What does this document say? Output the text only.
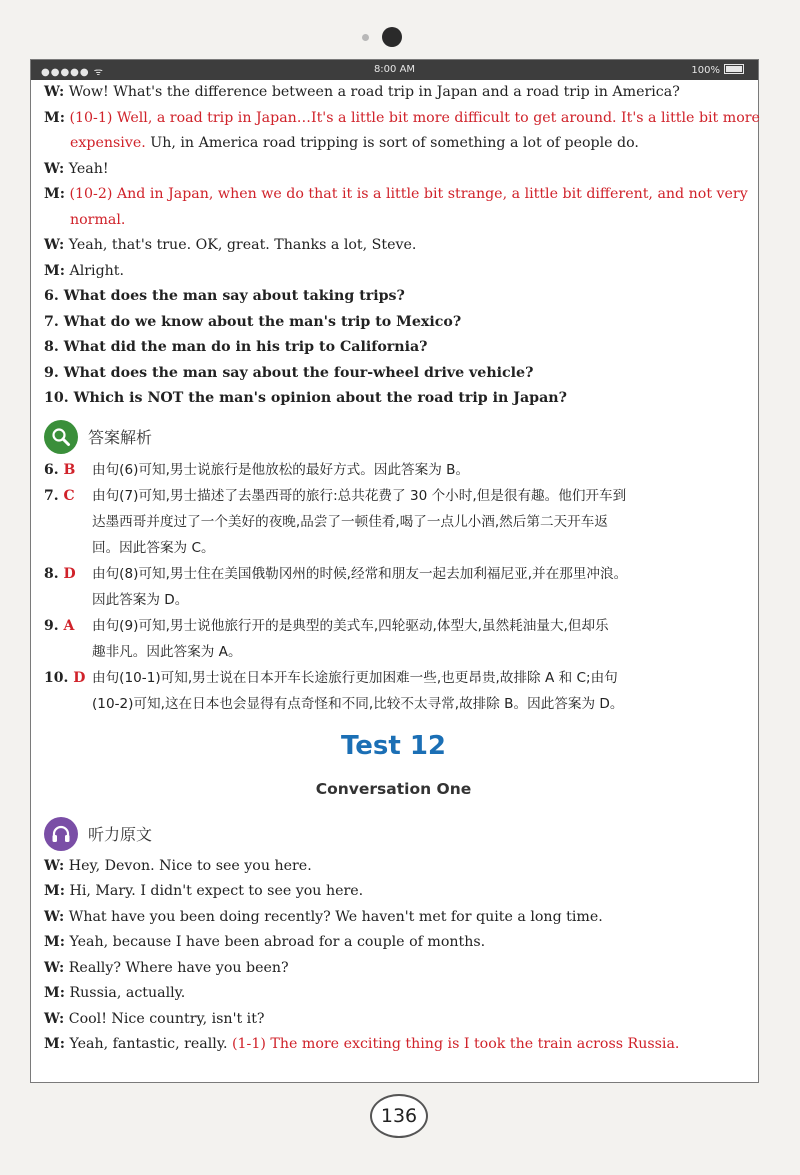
●●●●● ᯤ	8:00 AM	100%
W: Wow! What's the difference between a road trip in Japan and a road trip in America?
M: (10-1) Well, a road trip in Japan…It's a little bit more difficult to get around. It's a little bit more
expensive. Uh, in America road tripping is sort of something a lot of people do.
W: Yeah!
M: (10-2) And in Japan, when we do that it is a little bit strange, a little bit different, and not very
normal.
W: Yeah, that's true. OK, great. Thanks a lot, Steve.
M: Alright.
6. What does the man say about taking trips?
7. What do we know about the man's trip to Mexico?
8. What did the man do in his trip to California?
9. What does the man say about the four-wheel drive vehicle?
10. Which is NOT the man's opinion about the road trip in Japan?
答案解析
6. B	由句(6)可知,男士说旅行是他放松的最好方式。因此答案为 B。
7. C	由句(7)可知,男士描述了去墨西哥的旅行:总共花费了 30 个小时,但是很有趣。他们开车到
达墨西哥并度过了一个美好的夜晚,品尝了一顿佳肴,喝了一点儿小酒,然后第二天开车返
回。因此答案为 C。
8. D	由句(8)可知,男士住在美国俄勒冈州的时候,经常和朋友一起去加利福尼亚,并在那里冲浪。
因此答案为 D。
9. A	由句(9)可知,男士说他旅行开的是典型的美式车,四轮驱动,体型大,虽然耗油量大,但却乐
趣非凡。因此答案为 A。
10. D 由句(10-1)可知,男士说在日本开车长途旅行更加困难一些,也更昂贵,故排除 A 和 C;由句
(10-2)可知,这在日本也会显得有点奇怪和不同,比较不太寻常,故排除 B。因此答案为 D。
Test 12
Conversation One
听力原文
W: Hey, Devon. Nice to see you here.
M: Hi, Mary. I didn't expect to see you here.
W: What have you been doing recently? We haven't met for quite a long time.
M: Yeah, because I have been abroad for a couple of months.
W: Really? Where have you been?
M: Russia, actually.
W: Cool! Nice country, isn't it?
M: Yeah, fantastic, really. (1-1) The more exciting thing is I took the train across Russia.
136
